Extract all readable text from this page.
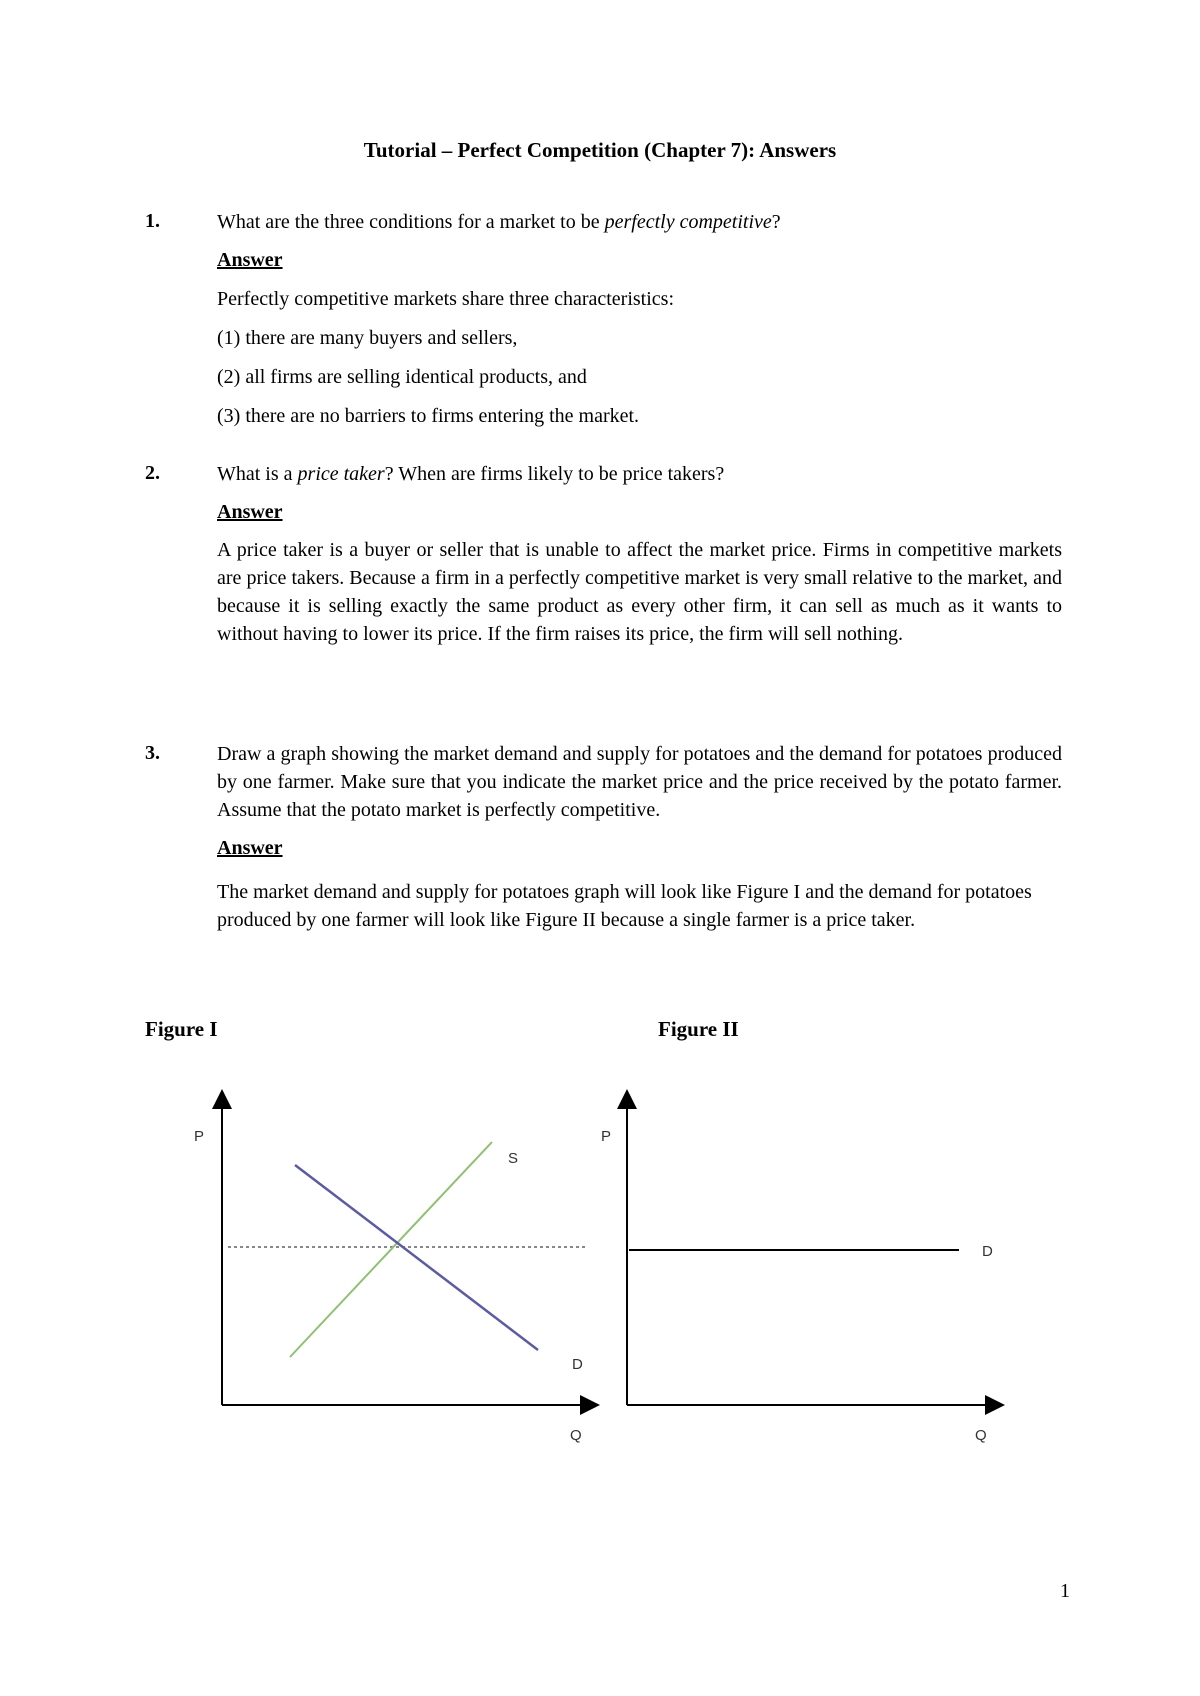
Tutorial – Perfect Competition (Chapter 7): Answers
1.	What are the three conditions for a market to be perfectly competitive?

Answer

Perfectly competitive markets share three characteristics:

(1) there are many buyers and sellers,

(2) all firms are selling identical products, and

(3) there are no barriers to firms entering the market.

2.	What is a price taker? When are firms likely to be price takers?

Answer

A price taker is a buyer or seller that is unable to affect the market price. Firms in competitive markets are price takers. Because a firm in a perfectly competitive market is very small relative to the market, and because it is selling exactly the same product as every other firm, it can sell as much as it wants to without having to lower its price. If the firm raises its price, the firm will sell nothing.

3.	Draw a graph showing the market demand and supply for potatoes and the demand for potatoes produced by one farmer. Make sure that you indicate the market price and the price received by the potato farmer. Assume that the potato market is perfectly competitive.

Answer

The market demand and supply for potatoes graph will look like Figure I and the demand for potatoes produced by one farmer will look like Figure II because a single farmer is a price taker.

Figure I	Figure II
P
Q
S
D
P
Q
D
1
